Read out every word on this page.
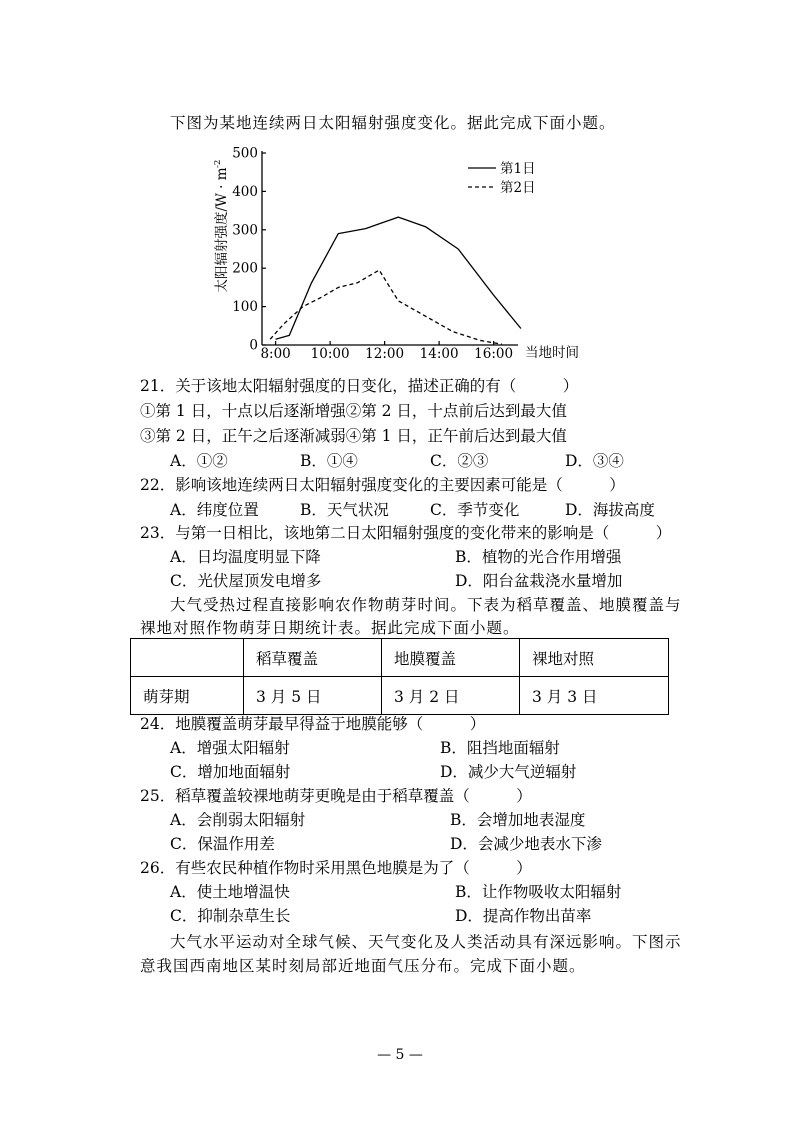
下图为某地连续两日太阳辐射强度变化。据此完成下面小题。
太阳辐射强度/W · m
-2
0
100
200
300
400
500
8:00 10:00 12:00 14:00 16:00
第1日
第2日
当地时间
21．关于该地太阳辐射强度的日变化，描述正确的有（　　　）
①第 1 日，十点以后逐渐增强②第 2 日，十点前后达到最大值
③第 2 日，正午之后逐渐减弱④第 1 日，正午前后达到最大值
A．①②	B．①④	C．②③	D．③④
22．影响该地连续两日太阳辐射强度变化的主要因素可能是（　　　）
A．纬度位置	B．天气状况	C．季节变化	D．海拔高度
23．与第一日相比，该地第二日太阳辐射强度的变化带来的影响是（　　　）
A．日均温度明显下降	B．植物的光合作用增强
C．光伏屋顶发电增多	D．阳台盆栽浇水量增加
大气受热过程直接影响农作物萌芽时间。下表为稻草覆盖、地膜覆盖与
裸地对照作物萌芽日期统计表。据此完成下面小题。
	稻草覆盖	地膜覆盖	裸地对照
萌芽期	3 月 5 日	3 月 2 日	3 月 3 日
24．地膜覆盖萌芽最早得益于地膜能够（　　　）
A．增强太阳辐射	B．阻挡地面辐射
C．增加地面辐射	D．减少大气逆辐射
25．稻草覆盖较裸地萌芽更晚是由于稻草覆盖（　　　）
A．会削弱太阳辐射	B．会增加地表湿度
C．保温作用差	D．会减少地表水下渗
26．有些农民种植作物时采用黑色地膜是为了（　　　）
A．使土地增温快	B．让作物吸收太阳辐射
C．抑制杂草生长	D．提高作物出苗率
大气水平运动对全球气候、天气变化及人类活动具有深远影响。下图示
意我国西南地区某时刻局部近地面气压分布。完成下面小题。
— 5 —
